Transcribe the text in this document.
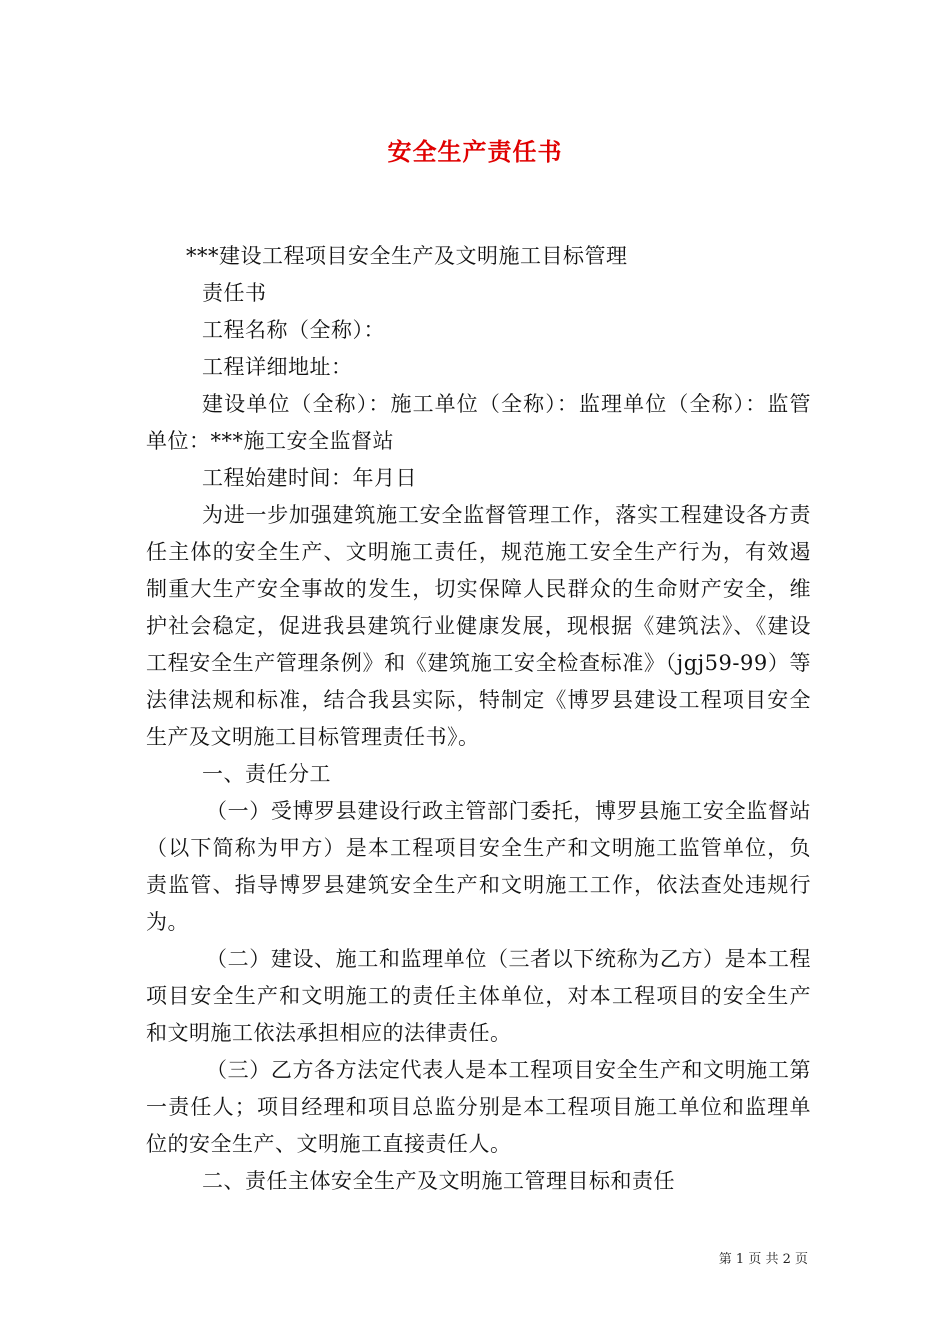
安全生产责任书

***建设工程项目安全生产及文明施工目标管理

责任书

工程名称（全称）：

工程详细地址：

建设单位（全称）：施工单位（全称）：监理单位（全称）：监管单位：***施工安全监督站

工程始建时间：年月日

为进一步加强建筑施工安全监督管理工作，落实工程建设各方责任主体的安全生产、文明施工责任，规范施工安全生产行为，有效遏制重大生产安全事故的发生，切实保障人民群众的生命财产安全，维护社会稳定，促进我县建筑行业健康发展，现根据《建筑法》、《建设工程安全生产管理条例》和《建筑施工安全检查标准》（jgj59-99）等法律法规和标准，结合我县实际，特制定《博罗县建设工程项目安全生产及文明施工目标管理责任书》。

一、责任分工

（一）受博罗县建设行政主管部门委托，博罗县施工安全监督站（以下简称为甲方）是本工程项目安全生产和文明施工监管单位，负责监管、指导博罗县建筑安全生产和文明施工工作，依法查处违规行为。

（二）建设、施工和监理单位（三者以下统称为乙方）是本工程项目安全生产和文明施工的责任主体单位，对本工程项目的安全生产和文明施工依法承担相应的法律责任。

（三）乙方各方法定代表人是本工程项目安全生产和文明施工第一责任人；项目经理和项目总监分别是本工程项目施工单位和监理单位的安全生产、文明施工直接责任人。

二、责任主体安全生产及文明施工管理目标和责任

第 1 页 共 2 页
